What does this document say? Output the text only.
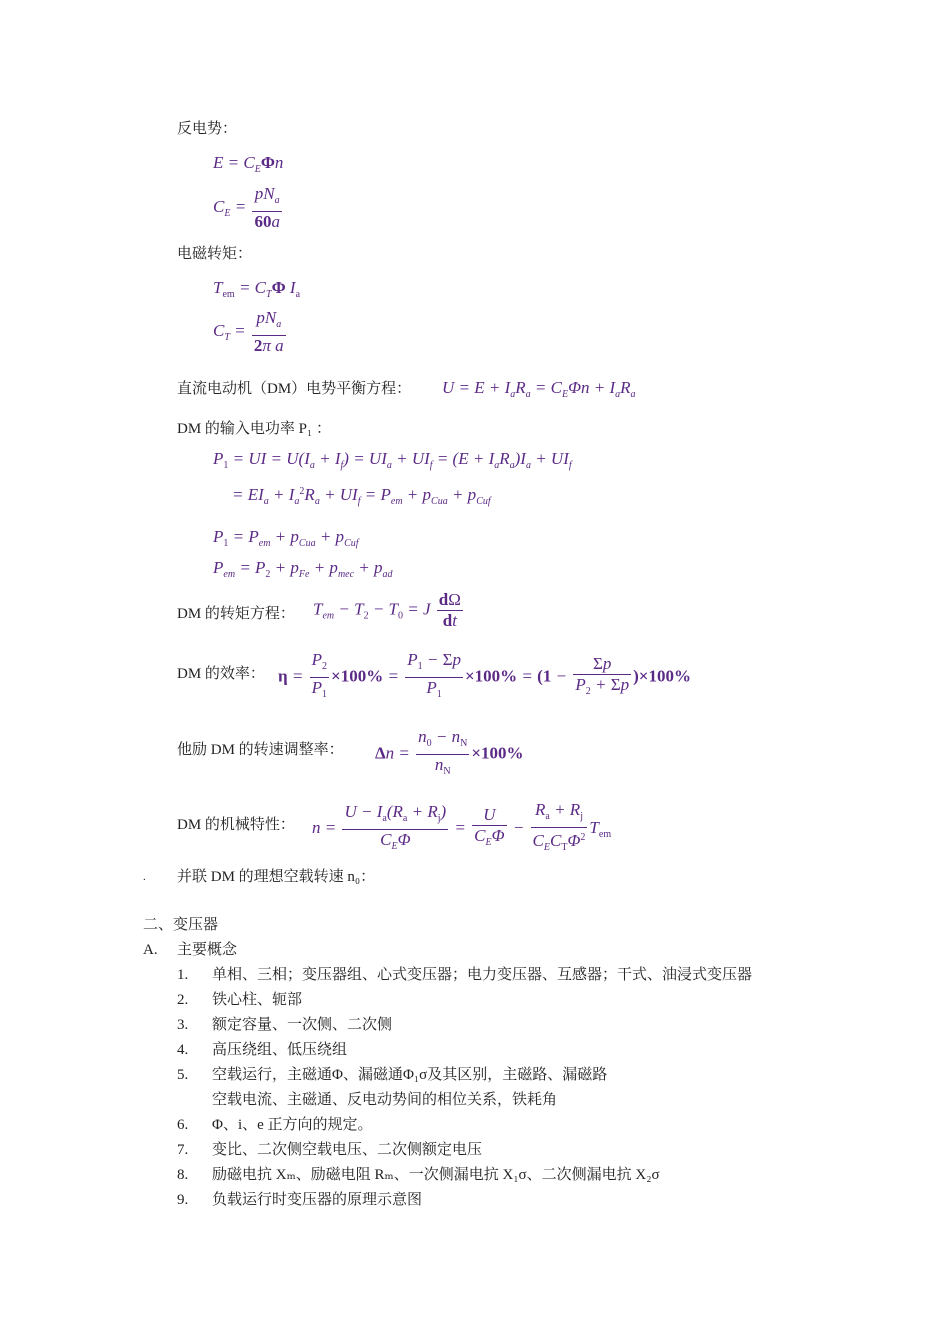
反电势：
$E = C_E\Phi n$
$C_E = \frac{pN_a}{60a}$
电磁转矩：
$T_{em} = C_T\Phi$ $I_a$
$C_T = \frac{pN_a}{\text{2π a}}$
直流电动机（DM）电势平衡方程： $U = E + I_aR_a = C_E\Phi n + I_aR_a$
DM 的输入电功率 P₁ ：
$P_1$ = UI = $U(I_a + I_f) = UI_a + UI_f = (E + I_aR_a)I_a + UI_f$
= $EI_a + I_a^2R_a + UI_f = P_{em} + p_{Cua} + p_{Cuf}$
$P_1 = P_{em} + p_{Cua} + p_{Cuf}$
$P_{em} = P_2 + p_{Fe} + p_{mec} + p_{ad}$
DM 的转矩方程： $T_{em} - T_2 - T_0 = J \frac{d\Omega}{dt}$
DM 的效率： $\eta = \frac{P_2}{P_1} \times 100\% = \frac{P_1 - \Sigma p}{P_1} \times 100\% = (1 - \frac{\Sigma p}{P_2 + \Sigma p} )\times 100\%$
他励 DM 的转速调整率： $\Delta n = \frac{n_0 - n_N}{n_N} \times 100\%$
DM 的机械特性： $n = \frac{U - I_a(R_a + R_j)}{C_E\Phi} = \frac{U}{C_E\Phi} - \frac{R_a + R_j}{C_EC_T\Phi^2} T_{em}$
. 并联 DM 的理想空载转速 n₀：
二、变压器
A. 主要概念
1. 单相、三相；变压器组、心式变压器；电力变压器、互感器；干式、油浸式变压器
2. 铁心柱、轭部
3. 额定容量、一次侧、二次侧
4. 高压绕组、低压绕组
5. 空载运行，主磁通Φ、漏磁通Φ₁σ及其区别，主磁路、漏磁路
空载电流、主磁通、反电动势间的相位关系，铁耗角
6. Φ、i、e 正方向的规定。
7. 变比、二次侧空载电压、二次侧额定电压
8. 励磁电抗 Xₘ、励磁电阻 Rₘ、一次侧漏电抗 X₁σ、二次侧漏电抗 X₂σ
9. 负载运行时变压器的原理示意图
